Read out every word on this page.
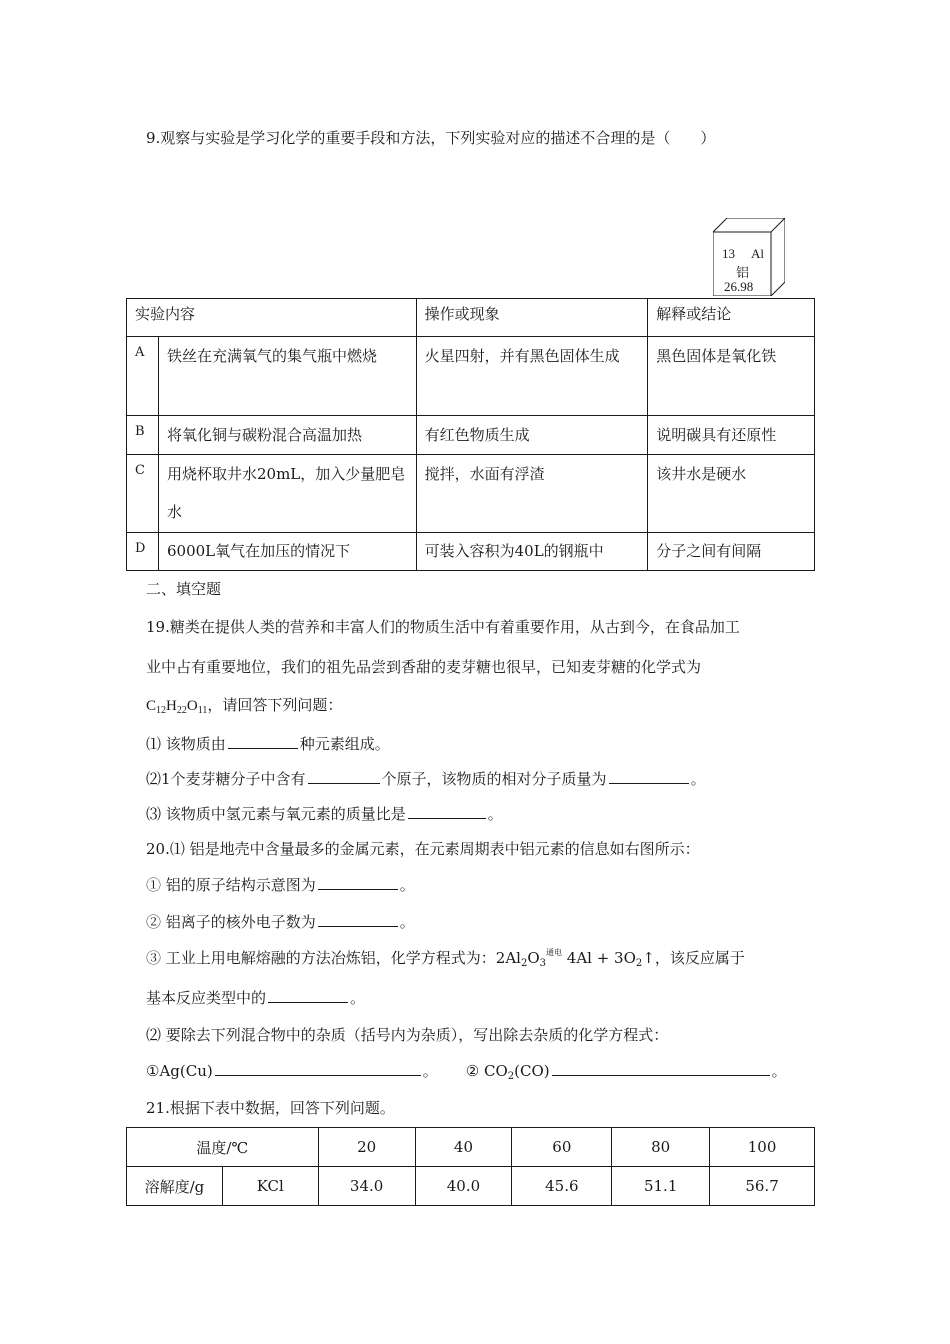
9.观察与实验是学习化学的重要手段和方法，下列实验对应的描述不合理的是（　　）
13 Al
铝
26.98
实验内容		操作或现象	解释或结论
A	铁丝在充满氧气的集气瓶中燃烧	火星四射，并有黑色固体生成	黑色固体是氧化铁
B	将氧化铜与碳粉混合高温加热	有红色物质生成	说明碳具有还原性
C	用烧杯取井水20mL，加入少量肥皂水	搅拌，水面有浮渣	该井水是硬水
D	6000L氧气在加压的情况下	可装入容积为40L的钢瓶中	分子之间有间隔
二、填空题
19.糖类在提供人类的营养和丰富人们的物质生活中有着重要作用，从古到今，在食品加工
业中占有重要地位，我们的祖先品尝到香甜的麦芽糖也很早，已知麦芽糖的化学式为
$C_{12}H_{22}O_{11}$，请回答下列问题：
⑴ 该物质由	种元素组成。
⑵1个麦芽糖分子中含有	个原子，该物质的相对分子质量为	。
⑶ 该物质中氢元素与氧元素的质量比是	。
20.⑴ 铝是地壳中含量最多的金属元素，在元素周期表中铝元素的信息如右图所示：
① 铝的原子结构示意图为	。
② 铝离子的核外电子数为	。
③ 工业上用电解熔融的方法冶炼铝，化学方程式为：$2Al_2O_3^{通电}$ $4Al + 3O_2↑$，该反应属于
基本反应类型中的	。
⑵ 要除去下列混合物中的杂质（括号内为杂质），写出除去杂质的化学方程式：
①Ag(Cu)	。 ② $CO_2(CO)$	。
21.根据下表中数据，回答下列问题。
温度/℃		20	40	60	80	100
溶解度/g	KCl	34.0	40.0	45.6	51.1	56.7
